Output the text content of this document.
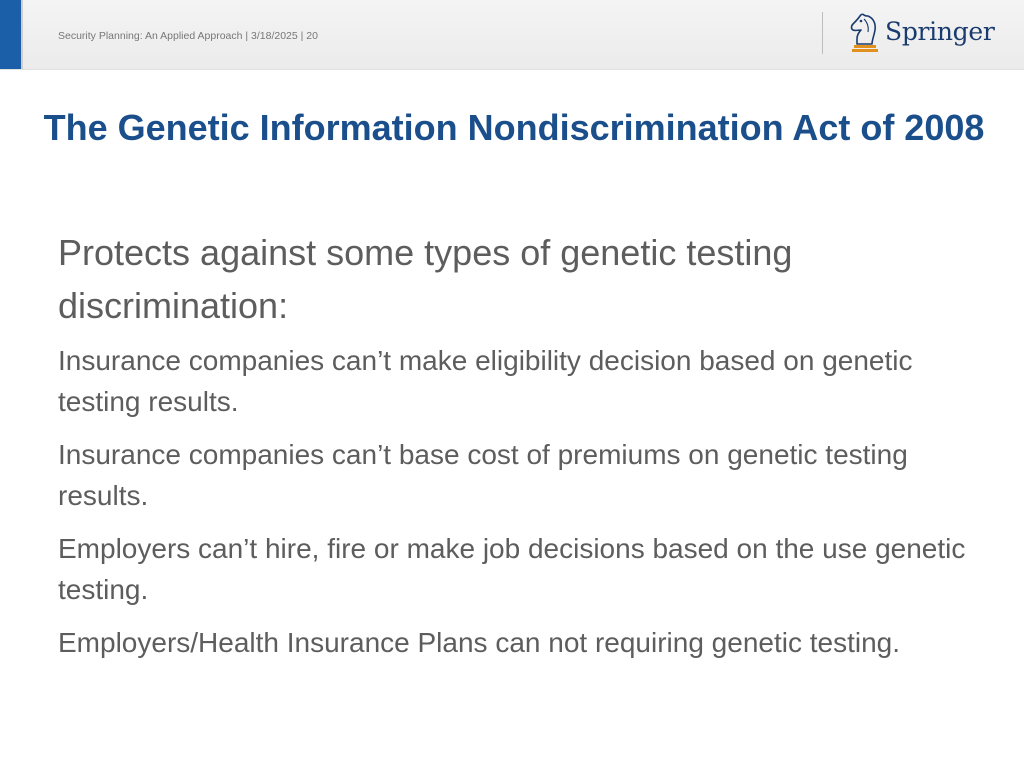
Security Planning: An Applied Approach | 3/18/2025 | 20	Springer
The Genetic Information Nondiscrimination Act of 2008

Protects against some types of genetic testing discrimination:

Insurance companies can’t make eligibility decision based on genetic testing results.

Insurance companies can’t base cost of premiums on genetic testing results.

Employers can’t hire, fire or make job decisions based on the use genetic testing.

Employers/Health Insurance Plans can not requiring genetic testing.
